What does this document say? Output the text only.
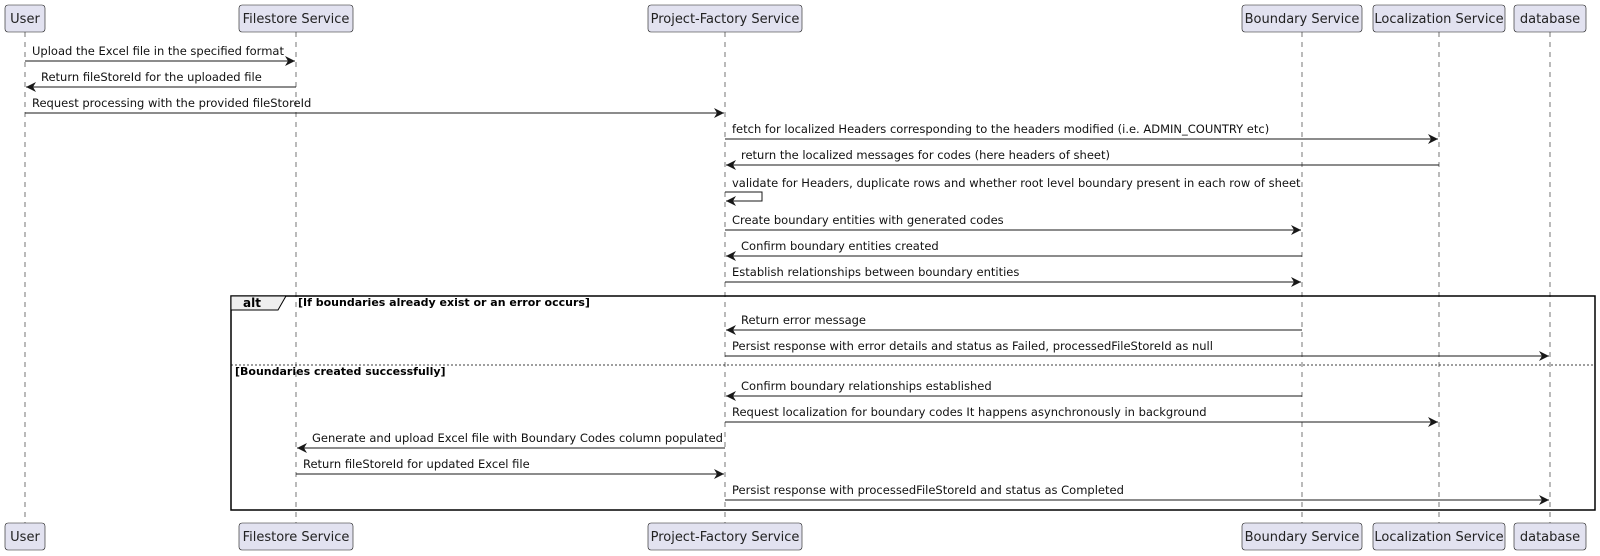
alt	[If boundaries already exist or an error occurs]
[Boundaries created successfully]
Upload the Excel file in the specified format
Return fileStoreId for the uploaded file
Request processing with the provided fileStoreId
fetch for localized Headers corresponding to the headers modified (i.e. ADMIN_COUNTRY etc)
return the localized messages for codes (here headers of sheet)
validate for Headers, duplicate rows and whether root level boundary present in each row of sheet
Create boundary entities with generated codes
Confirm boundary entities created
Establish relationships between boundary entities
Return error message
Persist response with error details and status as Failed, processedFileStoreId as null
Confirm boundary relationships established
Request localization for boundary codes It happens asynchronously in background
Generate and upload Excel file with Boundary Codes column populated
Return fileStoreId for updated Excel file
Persist response with processedFileStoreId and status as Completed
User
User
Filestore Service
Filestore Service
Project-Factory Service
Project-Factory Service
Boundary Service
Boundary Service
Localization Service
Localization Service
database
database
